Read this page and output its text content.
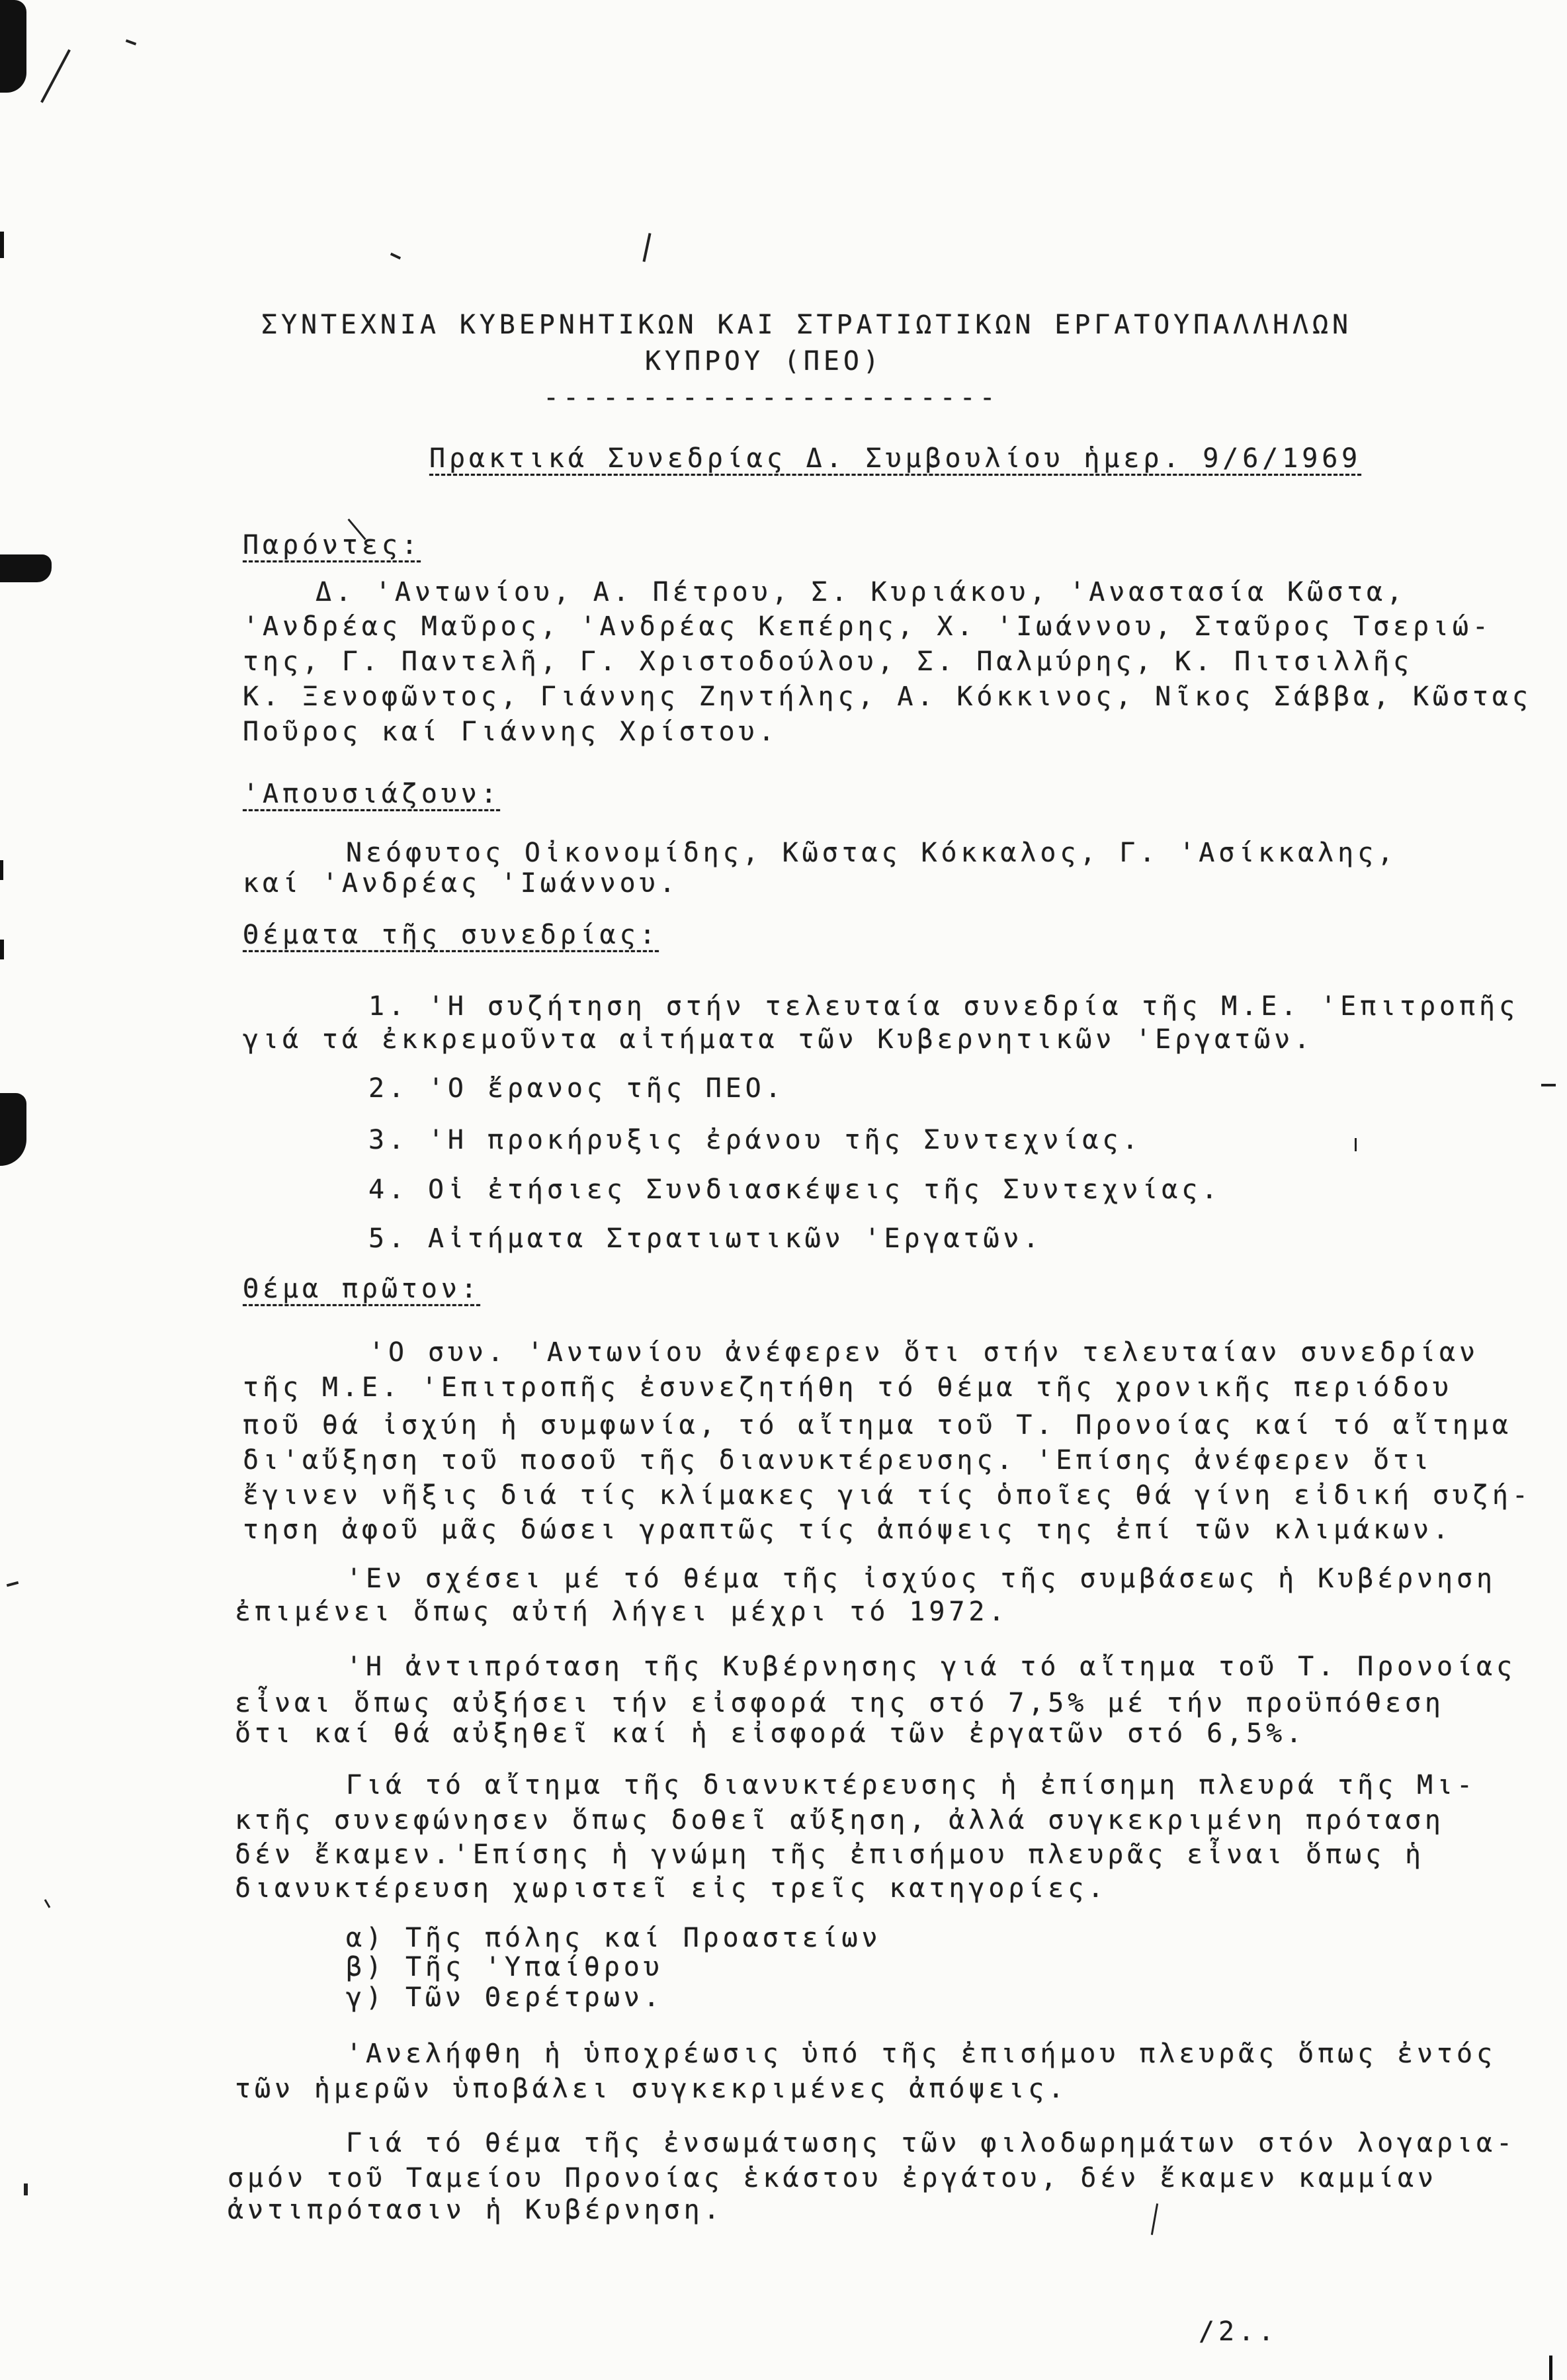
ΣΥΝΤΕΧΝΙΑ ΚΥΒΕΡΝΗΤΙΚΩΝ ΚΑΙ ΣΤΡΑΤΙΩΤΙΚΩΝ ΕΡΓΑΤΟΥΠΑΛΛΗΛΩΝ
ΚΥΠΡΟΥ (ΠΕΟ)
-----------------------
Πρακτικά Συνεδρίας Δ. Συμβουλίου ἡμερ. 9/6/1969
Παρόντες:
Δ. 'Αντωνίου, Α. Πέτρου, Σ. Κυριάκου, 'Αναστασία Κῶστα,
'Ανδρέας Μαῦρος, 'Ανδρέας Κεπέρης, Χ. 'Ιωάννου, Σταῦρος Τσεριώ-
της, Γ. Παντελῆ, Γ. Χριστοδούλου, Σ. Παλμύρης, Κ. Πιτσιλλῆς
Κ. Ξενοφῶντος, Γιάννης Ζηντήλης, Α. Κόκκινος, Νῖκος Σάββα, Κῶστας
Ποῦρος καί Γιάννης Χρίστου.
'Απουσιάζουν:
Νεόφυτος Οἰκονομίδης, Κῶστας Κόκκαλος, Γ. 'Ασίκκαλης,
καί 'Ανδρέας 'Ιωάννου.
Θέματα τῆς συνεδρίας:
1. 'Η συζήτηση στήν τελευταία συνεδρία τῆς Μ.Ε. 'Επιτροπῆς
γιά τά ἐκκρεμοῦντα αἰτήματα τῶν Κυβερνητικῶν 'Εργατῶν.
2. 'Ο ἔρανος τῆς ΠΕΟ.
3. 'Η προκήρυξις ἐράνου τῆς Συντεχνίας.
4. Οἱ ἐτήσιες Συνδιασκέψεις τῆς Συντεχνίας.
5. Αἰτήματα Στρατιωτικῶν 'Εργατῶν.
Θέμα πρῶτον:
'Ο συν. 'Αντωνίου ἀνέφερεν ὅτι στήν τελευταίαν συνεδρίαν
τῆς Μ.Ε. 'Επιτροπῆς ἐσυνεζητήθη τό θέμα τῆς χρονικῆς περιόδου
ποῦ θά ἰσχύη ἡ συμφωνία, τό αἴτημα τοῦ Τ. Προνοίας καί τό αἴτημα
δι'αὔξηση τοῦ ποσοῦ τῆς διανυκτέρευσης. 'Επίσης ἀνέφερεν ὅτι
ἔγινεν νῆξις διά τίς κλίμακες γιά τίς ὁποῖες θά γίνη εἰδική συζή-
τηση ἀφοῦ μᾶς δώσει γραπτῶς τίς ἀπόψεις της ἐπί τῶν κλιμάκων.
'Εν σχέσει μέ τό θέμα τῆς ἰσχύος τῆς συμβάσεως ἡ Κυβέρνηση
ἐπιμένει ὅπως αὐτή λήγει μέχρι τό 1972.
'Η ἀντιπρόταση τῆς Κυβέρνησης γιά τό αἴτημα τοῦ Τ. Προνοίας
εἶναι ὅπως αὐξήσει τήν εἰσφορά της στό 7,5% μέ τήν προϋπόθεση
ὅτι καί θά αὐξηθεῖ καί ἡ εἰσφορά τῶν ἐργατῶν στό 6,5%.
Γιά τό αἴτημα τῆς διανυκτέρευσης ἡ ἐπίσημη πλευρά τῆς Μι-
κτῆς συνεφώνησεν ὅπως δοθεῖ αὔξηση, ἀλλά συγκεκριμένη πρόταση
δέν ἔκαμεν.'Επίσης ἡ γνώμη τῆς ἐπισήμου πλευρᾶς εἶναι ὅπως ἡ
διανυκτέρευση χωριστεῖ εἰς τρεῖς κατηγορίες.
α) Τῆς πόλης καί Προαστείων
β) Τῆς 'Υπαίθρου
γ) Τῶν Θερέτρων.
'Ανελήφθη ἡ ὑποχρέωσις ὑπό τῆς ἐπισήμου πλευρᾶς ὅπως ἐντός
τῶν ἡμερῶν ὑποβάλει συγκεκριμένες ἀπόψεις.
Γιά τό θέμα τῆς ἐνσωμάτωσης τῶν φιλοδωρημάτων στόν λογαρια-
σμόν τοῦ Ταμείου Προνοίας ἑκάστου ἐργάτου, δέν ἔκαμεν καμμίαν
ἀντιπρότασιν ἡ Κυβέρνηση.
/2..
